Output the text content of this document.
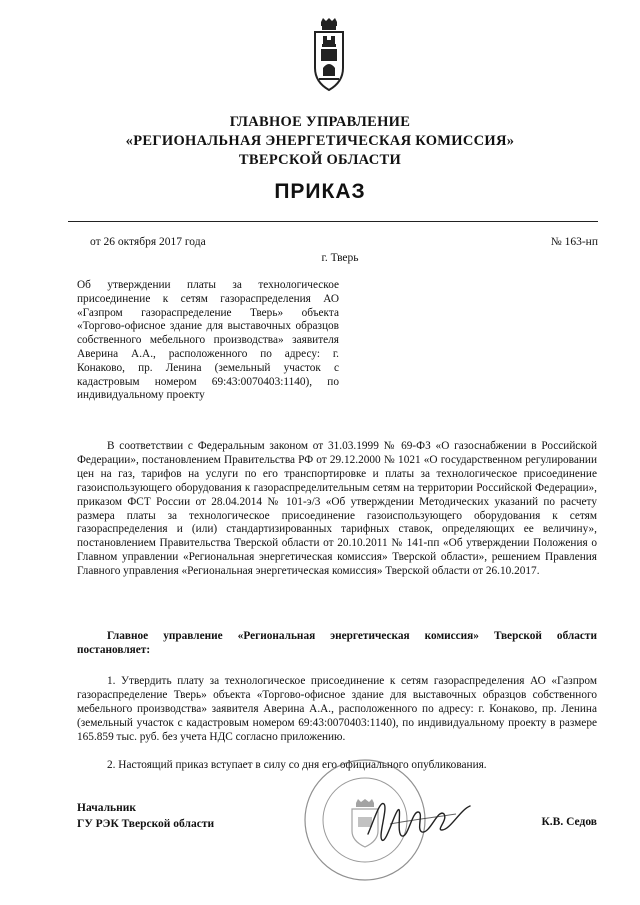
ГЛАВНОЕ УПРАВЛЕНИЕ
«РЕГИОНАЛЬНАЯ ЭНЕРГЕТИЧЕСКАЯ КОМИССИЯ»
ТВЕРСКОЙ ОБЛАСТИ
ПРИКАЗ
от 26 октября 2017 года	№ 163-нп
г. Тверь
Об утверждении платы за технологическое присоединение к сетям газораспределения АО «Газпром газораспределение Тверь» объекта «Торгово-офисное здание для выставочных образцов собственного мебельного производства» заявителя Аверина А.А., расположенного по адресу: г. Конаково, пр. Ленина (земельный участок с кадастровым номером 69:43:0070403:1140), по индивидуальному проекту
В соответствии с Федеральным законом от 31.03.1999 № 69-ФЗ «О газоснабжении в Российской Федерации», постановлением Правительства РФ от 29.12.2000 № 1021 «О государственном регулировании цен на газ, тарифов на услуги по его транспортировке и платы за технологическое присоединение газоиспользующего оборудования к газораспределительным сетям на территории Российской Федерации», приказом ФСТ России от 28.04.2014 № 101-э/3 «Об утверждении Методических указаний по расчету размера платы за технологическое присоединение газоиспользующего оборудования к сетям газораспределения и (или) стандартизированных тарифных ставок, определяющих ее величину», постановлением Правительства Тверской области от 20.10.2011 № 141-пп «Об утверждении Положения о Главном управлении «Региональная энергетическая комиссия» Тверской области», решением Правления Главного управления «Региональная энергетическая комиссия» Тверской области от 26.10.2017.
Главное управление «Региональная энергетическая комиссия» Тверской области постановляет:
1. Утвердить плату за технологическое присоединение к сетям газораспределения АО «Газпром газораспределение Тверь» объекта «Торгово-офисное здание для выставочных образцов собственного мебельного производства» заявителя Аверина А.А., расположенного по адресу: г. Конаково, пр. Ленина (земельный участок с кадастровым номером 69:43:0070403:1140), по индивидуальному проекту в размере 165.859 тыс. руб. без учета НДС согласно приложению.
2. Настоящий приказ вступает в силу со дня его официального опубликования.
Начальник
ГУ РЭК Тверской области	К.В. Седов
